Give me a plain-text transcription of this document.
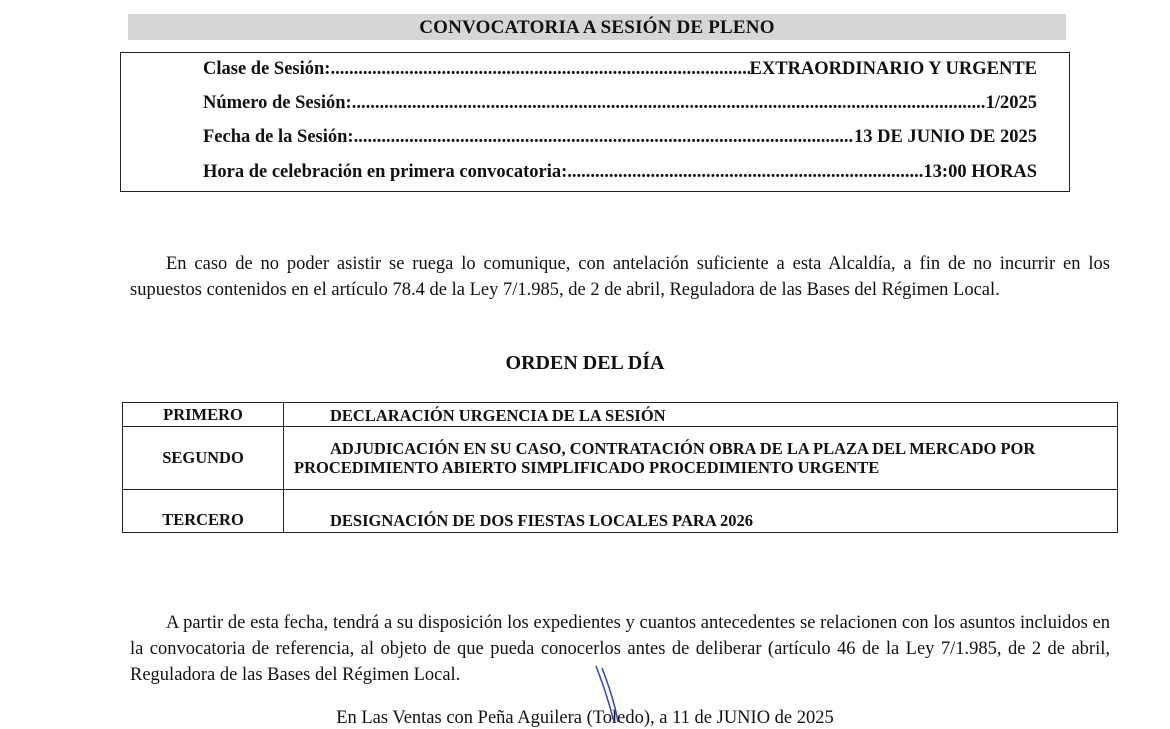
CONVOCATORIA A SESIÓN DE PLENO
Clase de Sesión: .....	EXTRAORDINARIO Y URGENTE
Número de Sesión: .....	1/2025
Fecha de la Sesión: .....	13 DE JUNIO DE 2025
Hora de celebración en primera convocatoria: .....	13:00 HORAS
En caso de no poder asistir se ruega lo comunique, con antelación suficiente a esta Alcaldía, a fin de no incurrir en los supuestos contenidos en el artículo 78.4 de la Ley 7/1.985, de 2 de abril, Reguladora de las Bases del Régimen Local.
ORDEN DEL DÍA
PRIMERO	DECLARACIÓN URGENCIA DE LA SESIÓN
SEGUNDO	ADJUDICACIÓN EN SU CASO, CONTRATACIÓN OBRA DE LA PLAZA DEL MERCADO POR PROCEDIMIENTO ABIERTO SIMPLIFICADO PROCEDIMIENTO URGENTE
TERCERO	DESIGNACIÓN DE DOS FIESTAS LOCALES PARA 2026
A partir de esta fecha, tendrá a su disposición los expedientes y cuantos antecedentes se relacionen con los asuntos incluidos en la convocatoria de referencia, al objeto de que pueda conocerlos antes de deliberar (artículo 46 de la Ley 7/1.985, de 2 de abril, Reguladora de las Bases del Régimen Local.
En Las Ventas con Peña Aguilera (Toledo), a 11 de JUNIO de 2025
